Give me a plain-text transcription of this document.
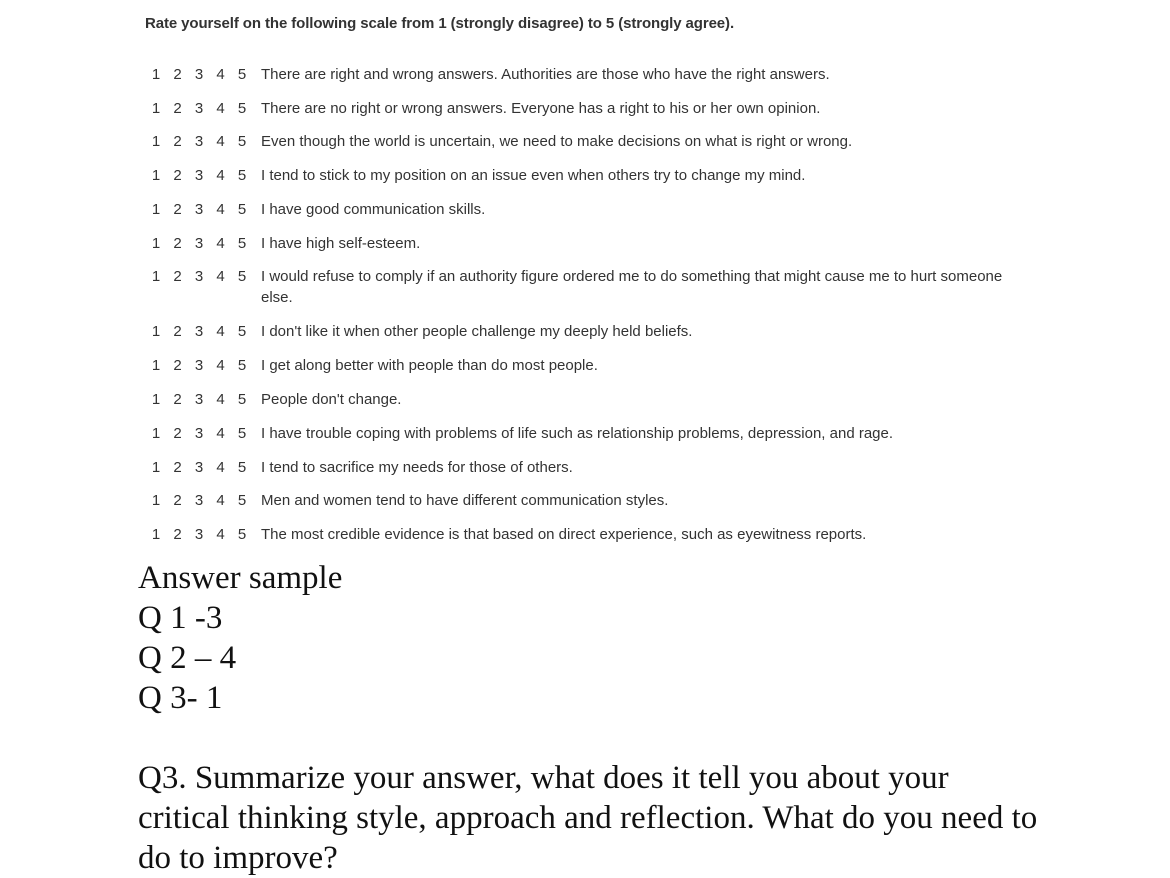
Rate yourself on the following scale from 1 (strongly disagree) to 5 (strongly agree).
1 2 3 4 5 There are right and wrong answers. Authorities are those who have the right answers.
1 2 3 4 5 There are no right or wrong answers. Everyone has a right to his or her own opinion.
1 2 3 4 5 Even though the world is uncertain, we need to make decisions on what is right or wrong.
1 2 3 4 5 I tend to stick to my position on an issue even when others try to change my mind.
1 2 3 4 5 I have good communication skills.
1 2 3 4 5 I have high self-esteem.
1 2 3 4 5 I would refuse to comply if an authority figure ordered me to do something that might cause me to hurt someone else.
1 2 3 4 5 I don't like it when other people challenge my deeply held beliefs.
1 2 3 4 5 I get along better with people than do most people.
1 2 3 4 5 People don't change.
1 2 3 4 5 I have trouble coping with problems of life such as relationship problems, depression, and rage.
1 2 3 4 5 I tend to sacrifice my needs for those of others.
1 2 3 4 5 Men and women tend to have different communication styles.
1 2 3 4 5 The most credible evidence is that based on direct experience, such as eyewitness reports.
Answer sample
Q 1 -3
Q 2 – 4
Q 3- 1
Q3. Summarize your answer, what does it tell you about your critical thinking style, approach and reflection. What do you need to do to improve?
